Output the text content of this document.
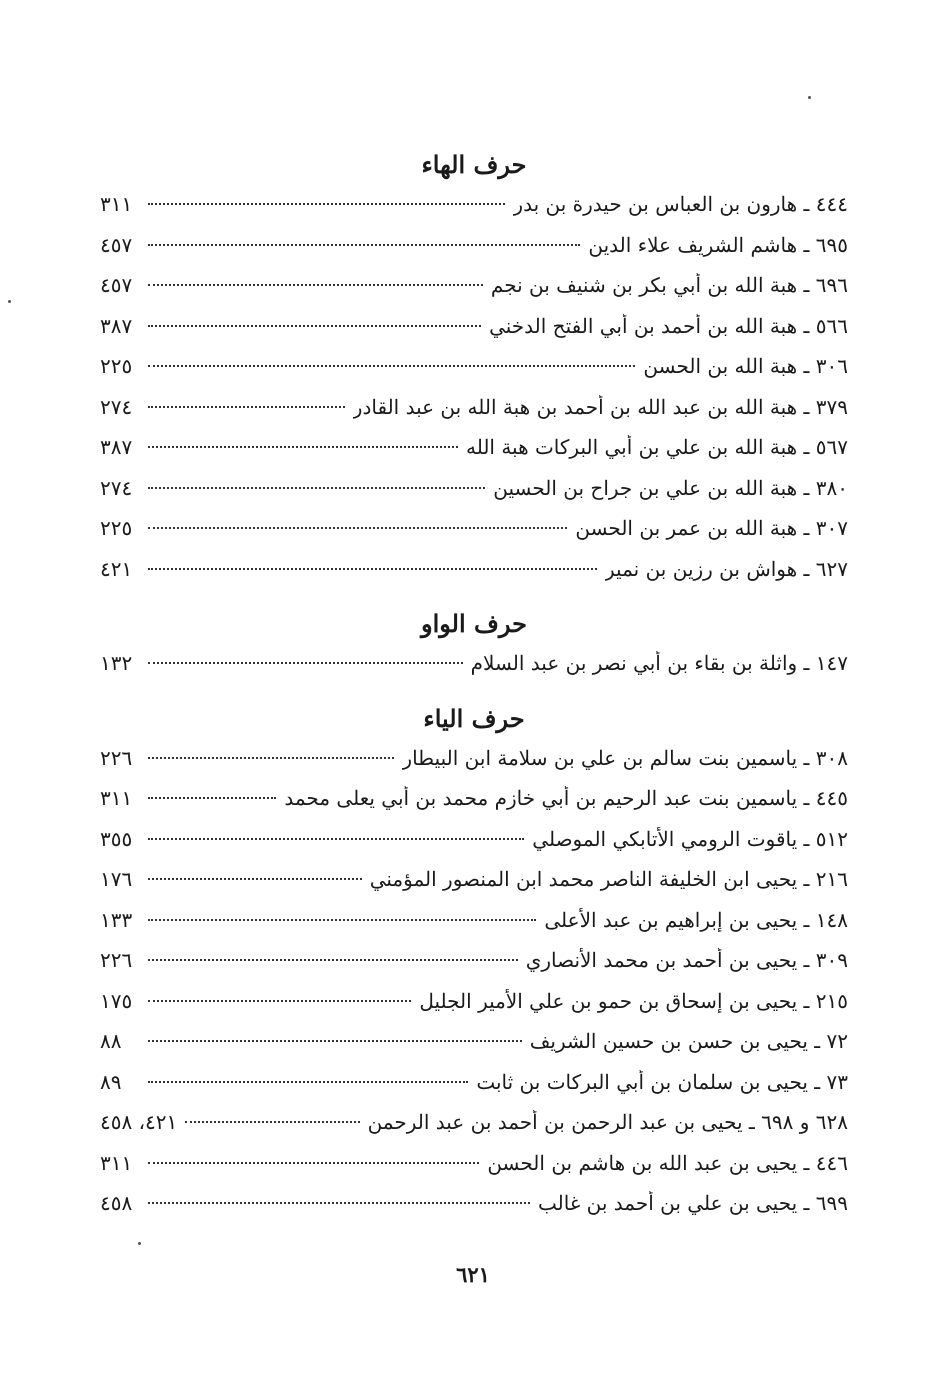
حرف الهاء
٤٤٤ ـ هارون بن العباس بن حيدرة بن بدر
٣١١
٦٩٥ ـ هاشم الشريف علاء الدين
٤٥٧
٦٩٦ ـ هبة الله بن أبي بكر بن شنيف بن نجم
٤٥٧
٥٦٦ ـ هبة الله بن أحمد بن أبي الفتح الدخني
٣٨٧
٣٠٦ ـ هبة الله بن الحسن
٢٢٥
٣٧٩ ـ هبة الله بن عبد الله بن أحمد بن هبة الله بن عبد القادر
٢٧٤
٥٦٧ ـ هبة الله بن علي بن أبي البركات هبة الله
٣٨٧
٣٨٠ ـ هبة الله بن علي بن جراح بن الحسين
٢٧٤
٣٠٧ ـ هبة الله بن عمر بن الحسن
٢٢٥
٦٢٧ ـ هواش بن رزين بن نمير
٤٢١
حرف الواو
١٤٧ ـ واثلة بن بقاء بن أبي نصر بن عبد السلام
١٣٢
حرف الياء
٣٠٨ ـ ياسمين بنت سالم بن علي بن سلامة ابن البيطار
٢٢٦
٤٤٥ ـ ياسمين بنت عبد الرحيم بن أبي خازم محمد بن أبي يعلى محمد
٣١١
٥١٢ ـ ياقوت الرومي الأتابكي الموصلي
٣٥٥
٢١٦ ـ يحيى ابن الخليفة الناصر محمد ابن المنصور المؤمني
١٧٦
١٤٨ ـ يحيى بن إبراهيم بن عبد الأعلى
١٣٣
٣٠٩ ـ يحيى بن أحمد بن محمد الأنصاري
٢٢٦
٢١٥ ـ يحيى بن إسحاق بن حمو بن علي الأمير الجليل
١٧٥
٧٢ ـ يحيى بن حسن بن حسين الشريف
٨٨
٧٣ ـ يحيى بن سلمان بن أبي البركات بن ثابت
٨٩
٦٢٨ و ٦٩٨ ـ يحيى بن عبد الرحمن بن أحمد بن عبد الرحمن
٤٢١، ٤٥٨
٤٤٦ ـ يحيى بن عبد الله بن هاشم بن الحسن
٣١١
٦٩٩ ـ يحيى بن علي بن أحمد بن غالب
٤٥٨
٦٢١
